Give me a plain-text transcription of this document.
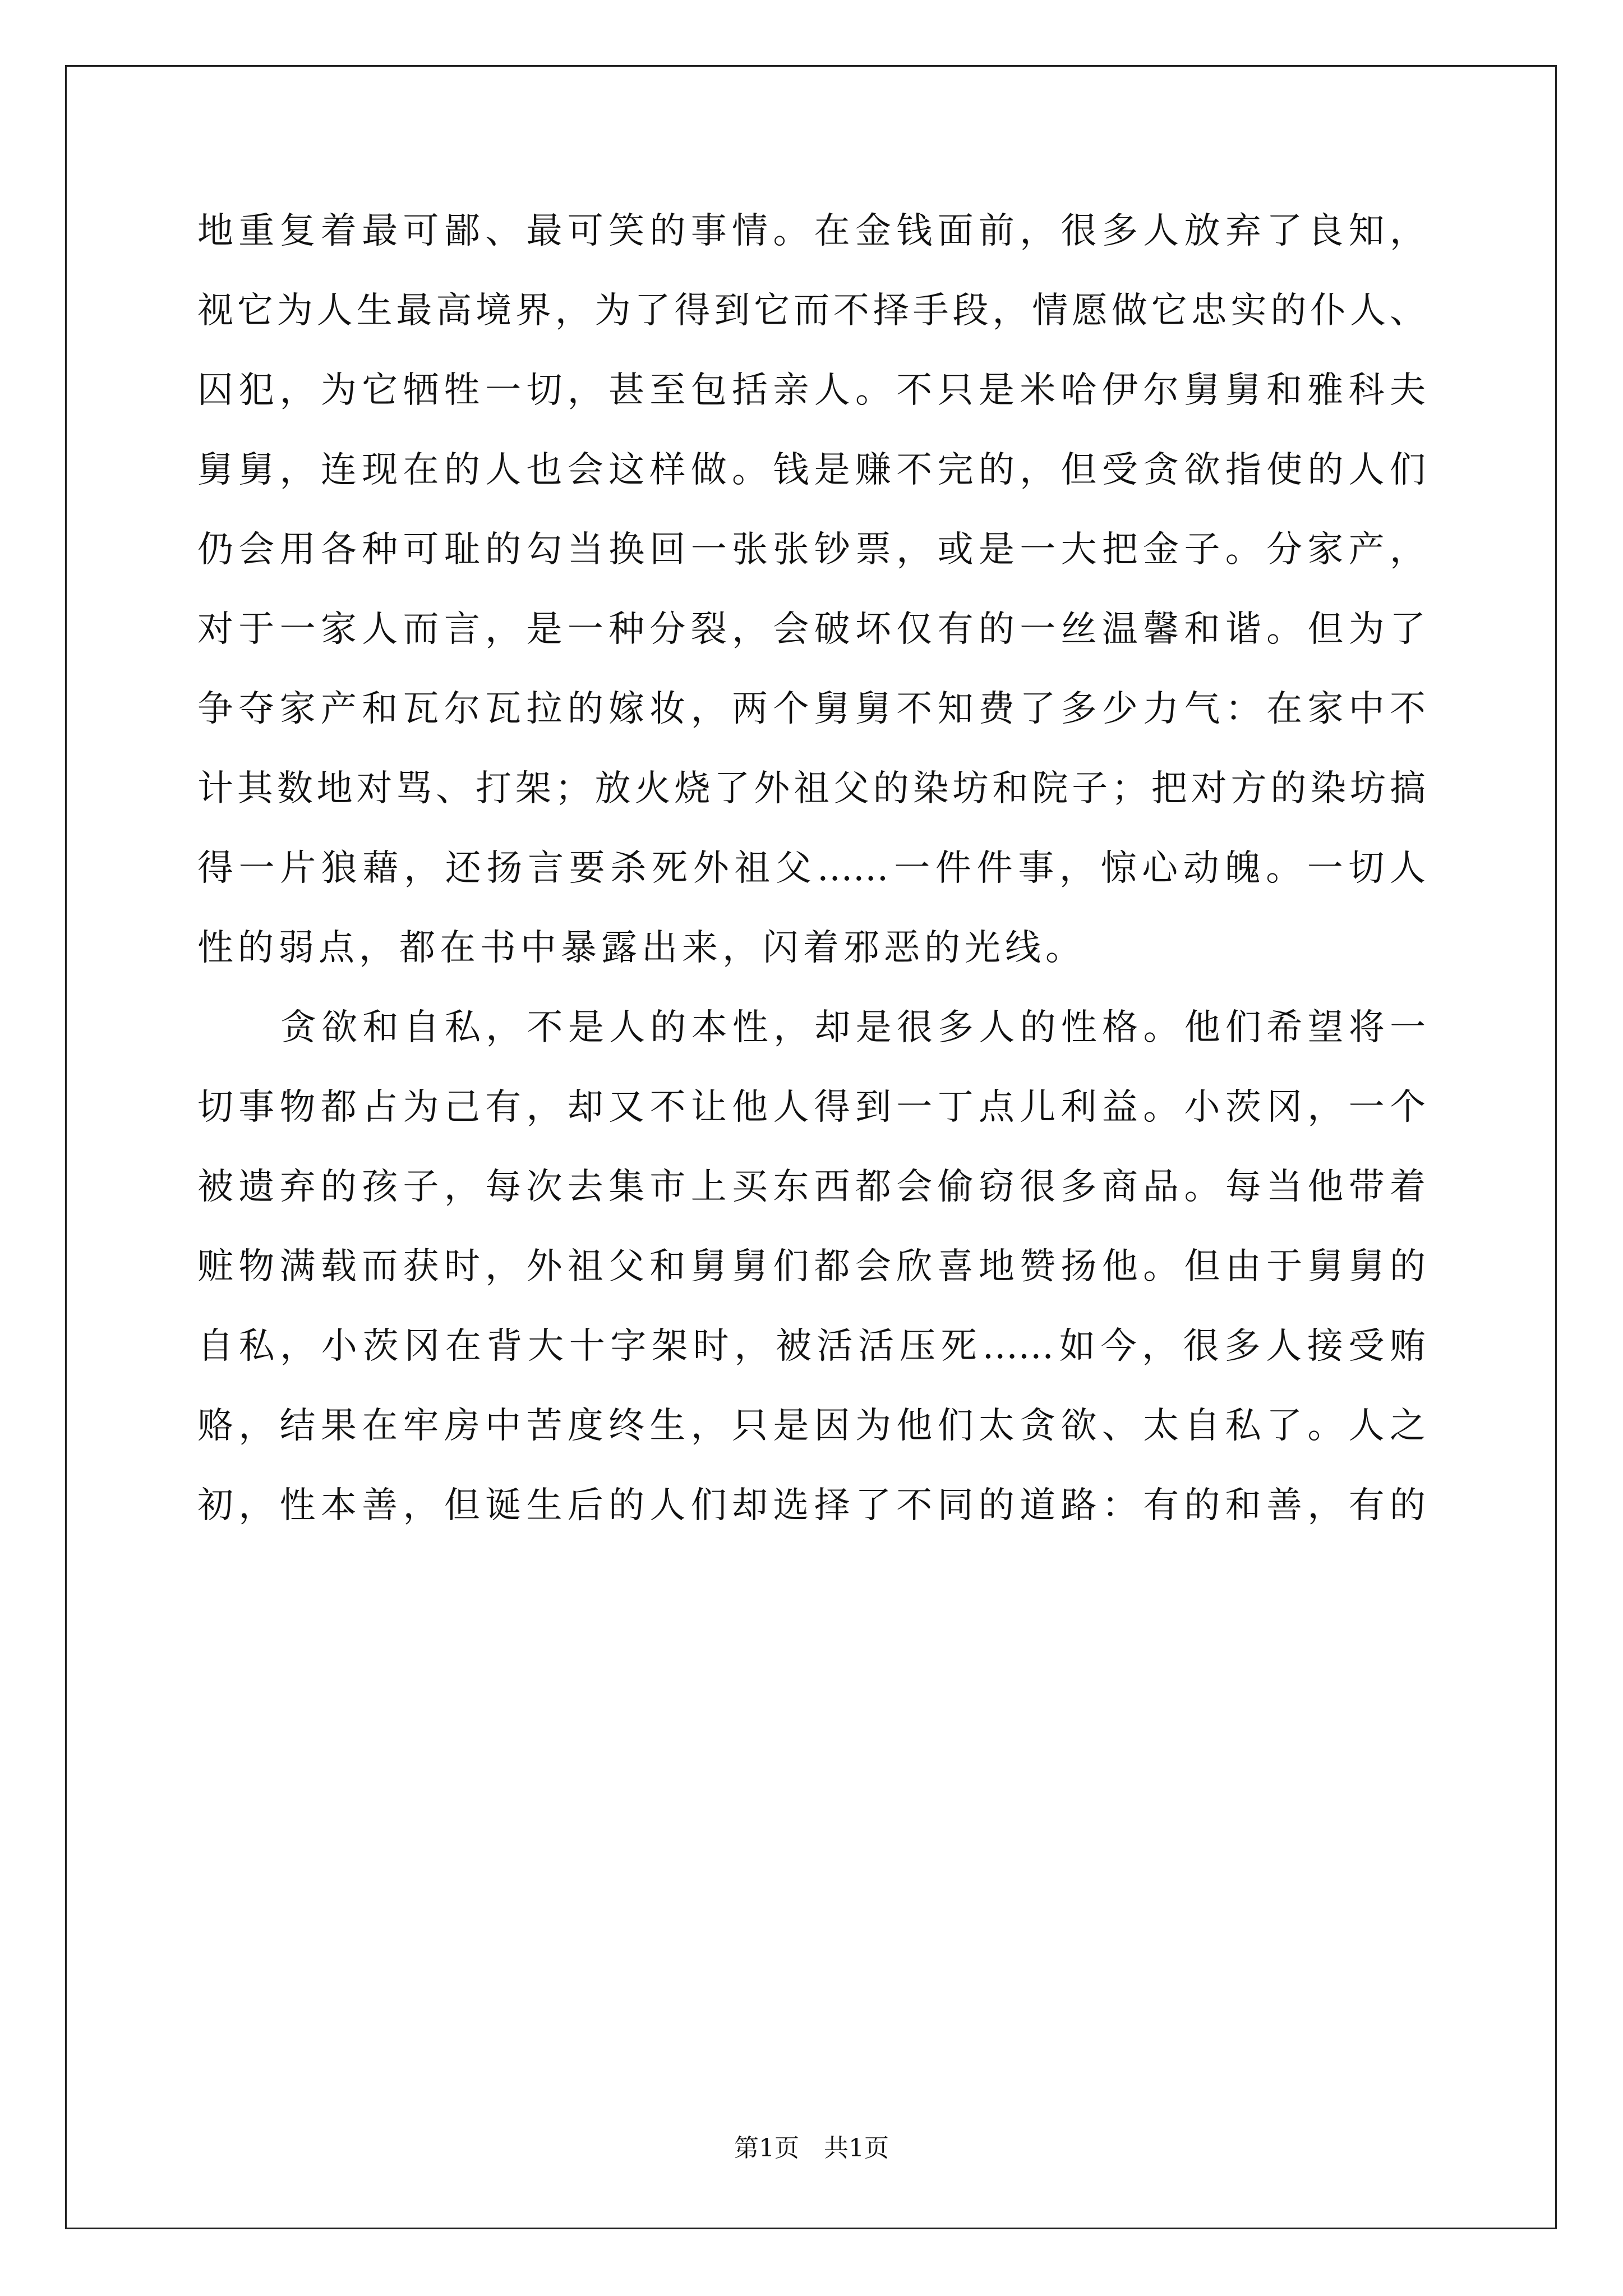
地重复着最可鄙、最可笑的事情。在金钱面前，很多人放弃了良知，
视它为人生最高境界，为了得到它而不择手段，情愿做它忠实的仆人、
囚犯，为它牺牲一切，甚至包括亲人。不只是米哈伊尔舅舅和雅科夫
舅舅，连现在的人也会这样做。钱是赚不完的，但受贪欲指使的人们
仍会用各种可耻的勾当换回一张张钞票，或是一大把金子。分家产，
对于一家人而言，是一种分裂，会破坏仅有的一丝温馨和谐。但为了
争夺家产和瓦尔瓦拉的嫁妆，两个舅舅不知费了多少力气：在家中不
计其数地对骂、打架；放火烧了外祖父的染坊和院子；把对方的染坊搞
得一片狼藉，还扬言要杀死外祖父……一件件事，惊心动魄。一切人
性的弱点，都在书中暴露出来，闪着邪恶的光线。
贪欲和自私，不是人的本性，却是很多人的性格。他们希望将一
切事物都占为己有，却又不让他人得到一丁点儿利益。小茨冈，一个
被遗弃的孩子，每次去集市上买东西都会偷窃很多商品。每当他带着
赃物满载而获时，外祖父和舅舅们都会欣喜地赞扬他。但由于舅舅的
自私，小茨冈在背大十字架时，被活活压死……如今，很多人接受贿
赂，结果在牢房中苦度终生，只是因为他们太贪欲、太自私了。人之
初，性本善，但诞生后的人们却选择了不同的道路：有的和善，有的
第1页 共1页
